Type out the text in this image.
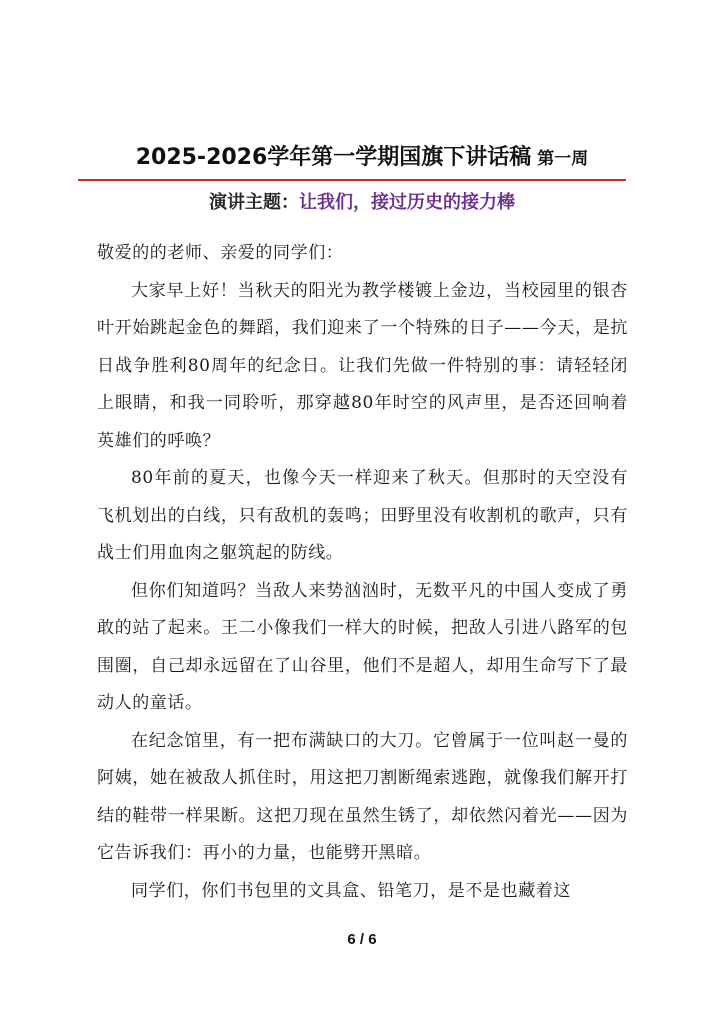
2025-2026学年第一学期国旗下讲话稿 第一周
演讲主题：让我们，接过历史的接力棒

敬爱的的老师、亲爱的同学们：

大家早上好！当秋天的阳光为教学楼镀上金边，当校园里的银杏叶开始跳起金色的舞蹈，我们迎来了一个特殊的日子——今天，是抗日战争胜利80周年的纪念日。让我们先做一件特别的事：请轻轻闭上眼睛，和我一同聆听，那穿越80年时空的风声里，是否还回响着英雄们的呼唤？

80年前的夏天，也像今天一样迎来了秋天。但那时的天空没有飞机划出的白线，只有敌机的轰鸣；田野里没有收割机的歌声，只有战士们用血肉之躯筑起的防线。

但你们知道吗？当敌人来势汹汹时，无数平凡的中国人变成了勇敢的站了起来。王二小像我们一样大的时候，把敌人引进八路军的包围圈，自己却永远留在了山谷里，他们不是超人，却用生命写下了最动人的童话。

在纪念馆里，有一把布满缺口的大刀。它曾属于一位叫赵一曼的阿姨，她在被敌人抓住时，用这把刀割断绳索逃跑，就像我们解开打结的鞋带一样果断。这把刀现在虽然生锈了，却依然闪着光——因为它告诉我们：再小的力量，也能劈开黑暗。

同学们，你们书包里的文具盒、铅笔刀，是不是也藏着这

6 / 6
